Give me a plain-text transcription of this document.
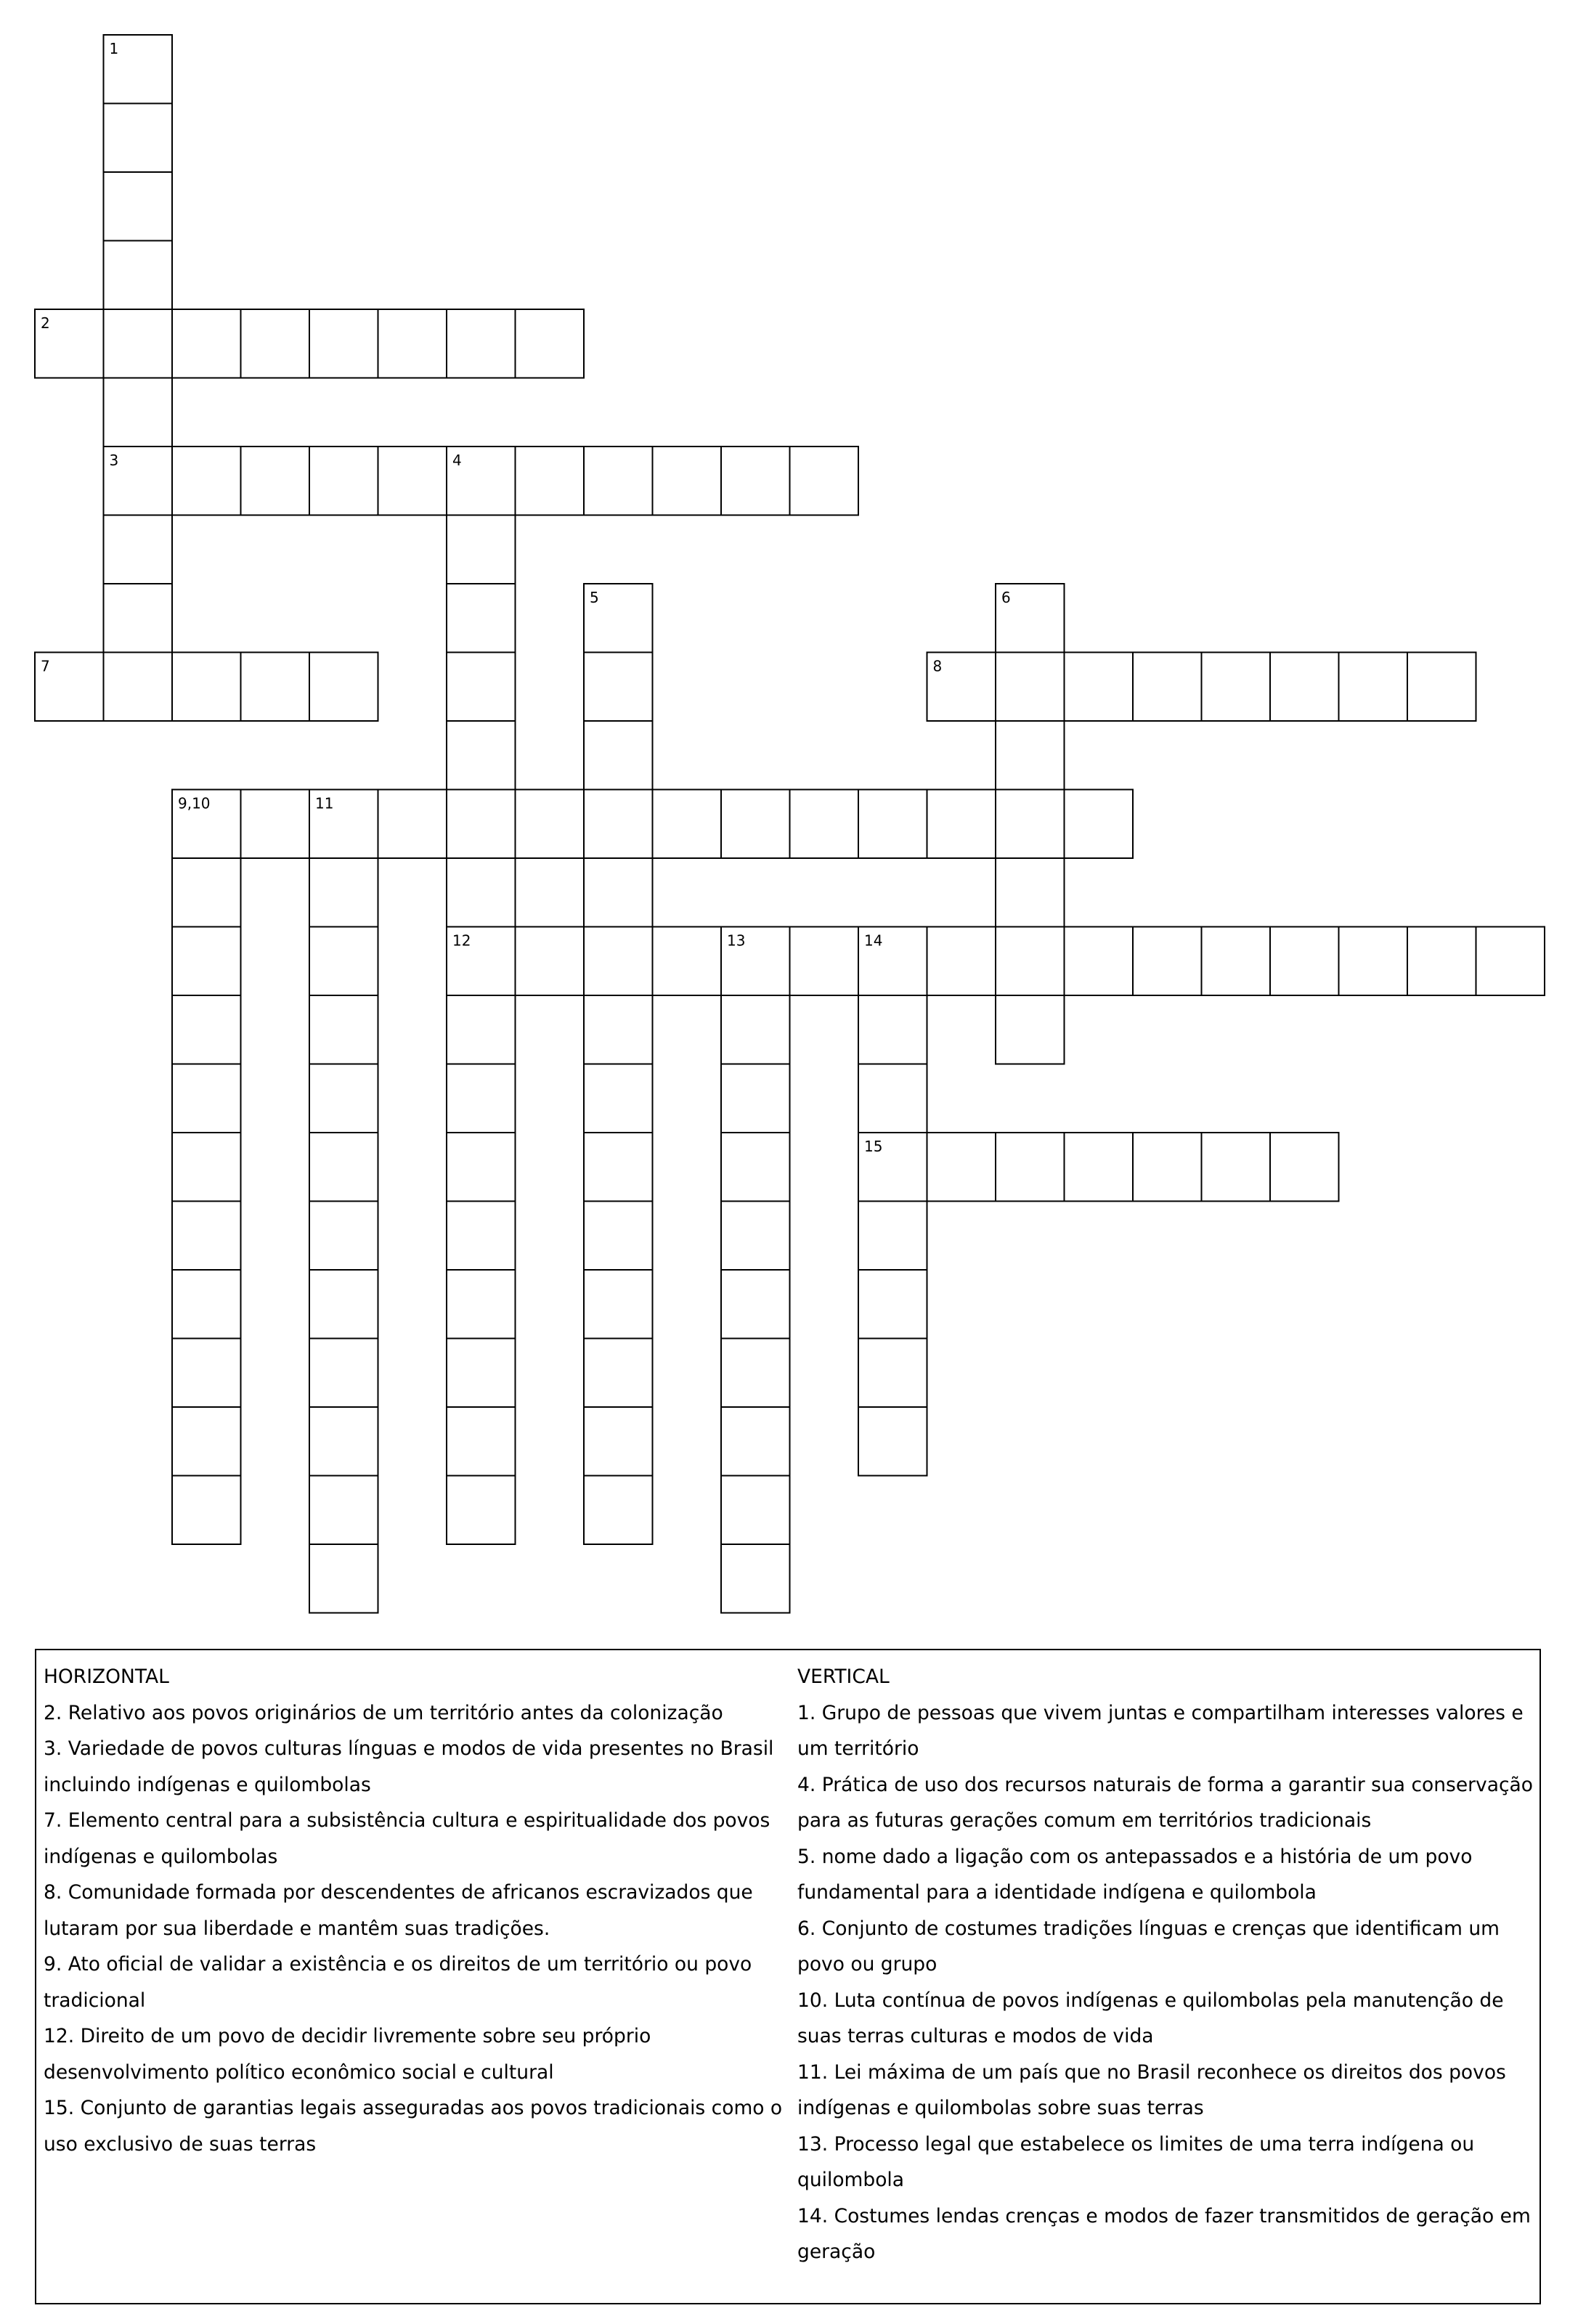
1
2
3	4
5	6
7	8
9,10	11
12	13	14
15

HORIZONTAL

2. Relativo aos povos originários de um território antes da colonização

3. Variedade de povos culturas línguas e modos de vida presentes no Brasil incluindo indígenas e quilombolas

7. Elemento central para a subsistência cultura e espiritualidade dos povos indígenas e quilombolas

8. Comunidade formada por descendentes de africanos escravizados que lutaram por sua liberdade e mantêm suas tradições.

9. Ato oficial de validar a existência e os direitos de um território ou povo tradicional

12. Direito de um povo de decidir livremente sobre seu próprio desenvolvimento político econômico social e cultural

15. Conjunto de garantias legais asseguradas aos povos tradicionais como o uso exclusivo de suas terras

VERTICAL

1. Grupo de pessoas que vivem juntas e compartilham interesses valores e um território

4. Prática de uso dos recursos naturais de forma a garantir sua conservação para as futuras gerações comum em territórios tradicionais

5. nome dado a ligação com os antepassados e a história de um povo fundamental para a identidade indígena e quilombola

6. Conjunto de costumes tradições línguas e crenças que identificam um povo ou grupo

10. Luta contínua de povos indígenas e quilombolas pela manutenção de suas terras culturas e modos de vida

11. Lei máxima de um país que no Brasil reconhece os direitos dos povos indígenas e quilombolas sobre suas terras

13. Processo legal que estabelece os limites de uma terra indígena ou quilombola

14. Costumes lendas crenças e modos de fazer transmitidos de geração em geração
